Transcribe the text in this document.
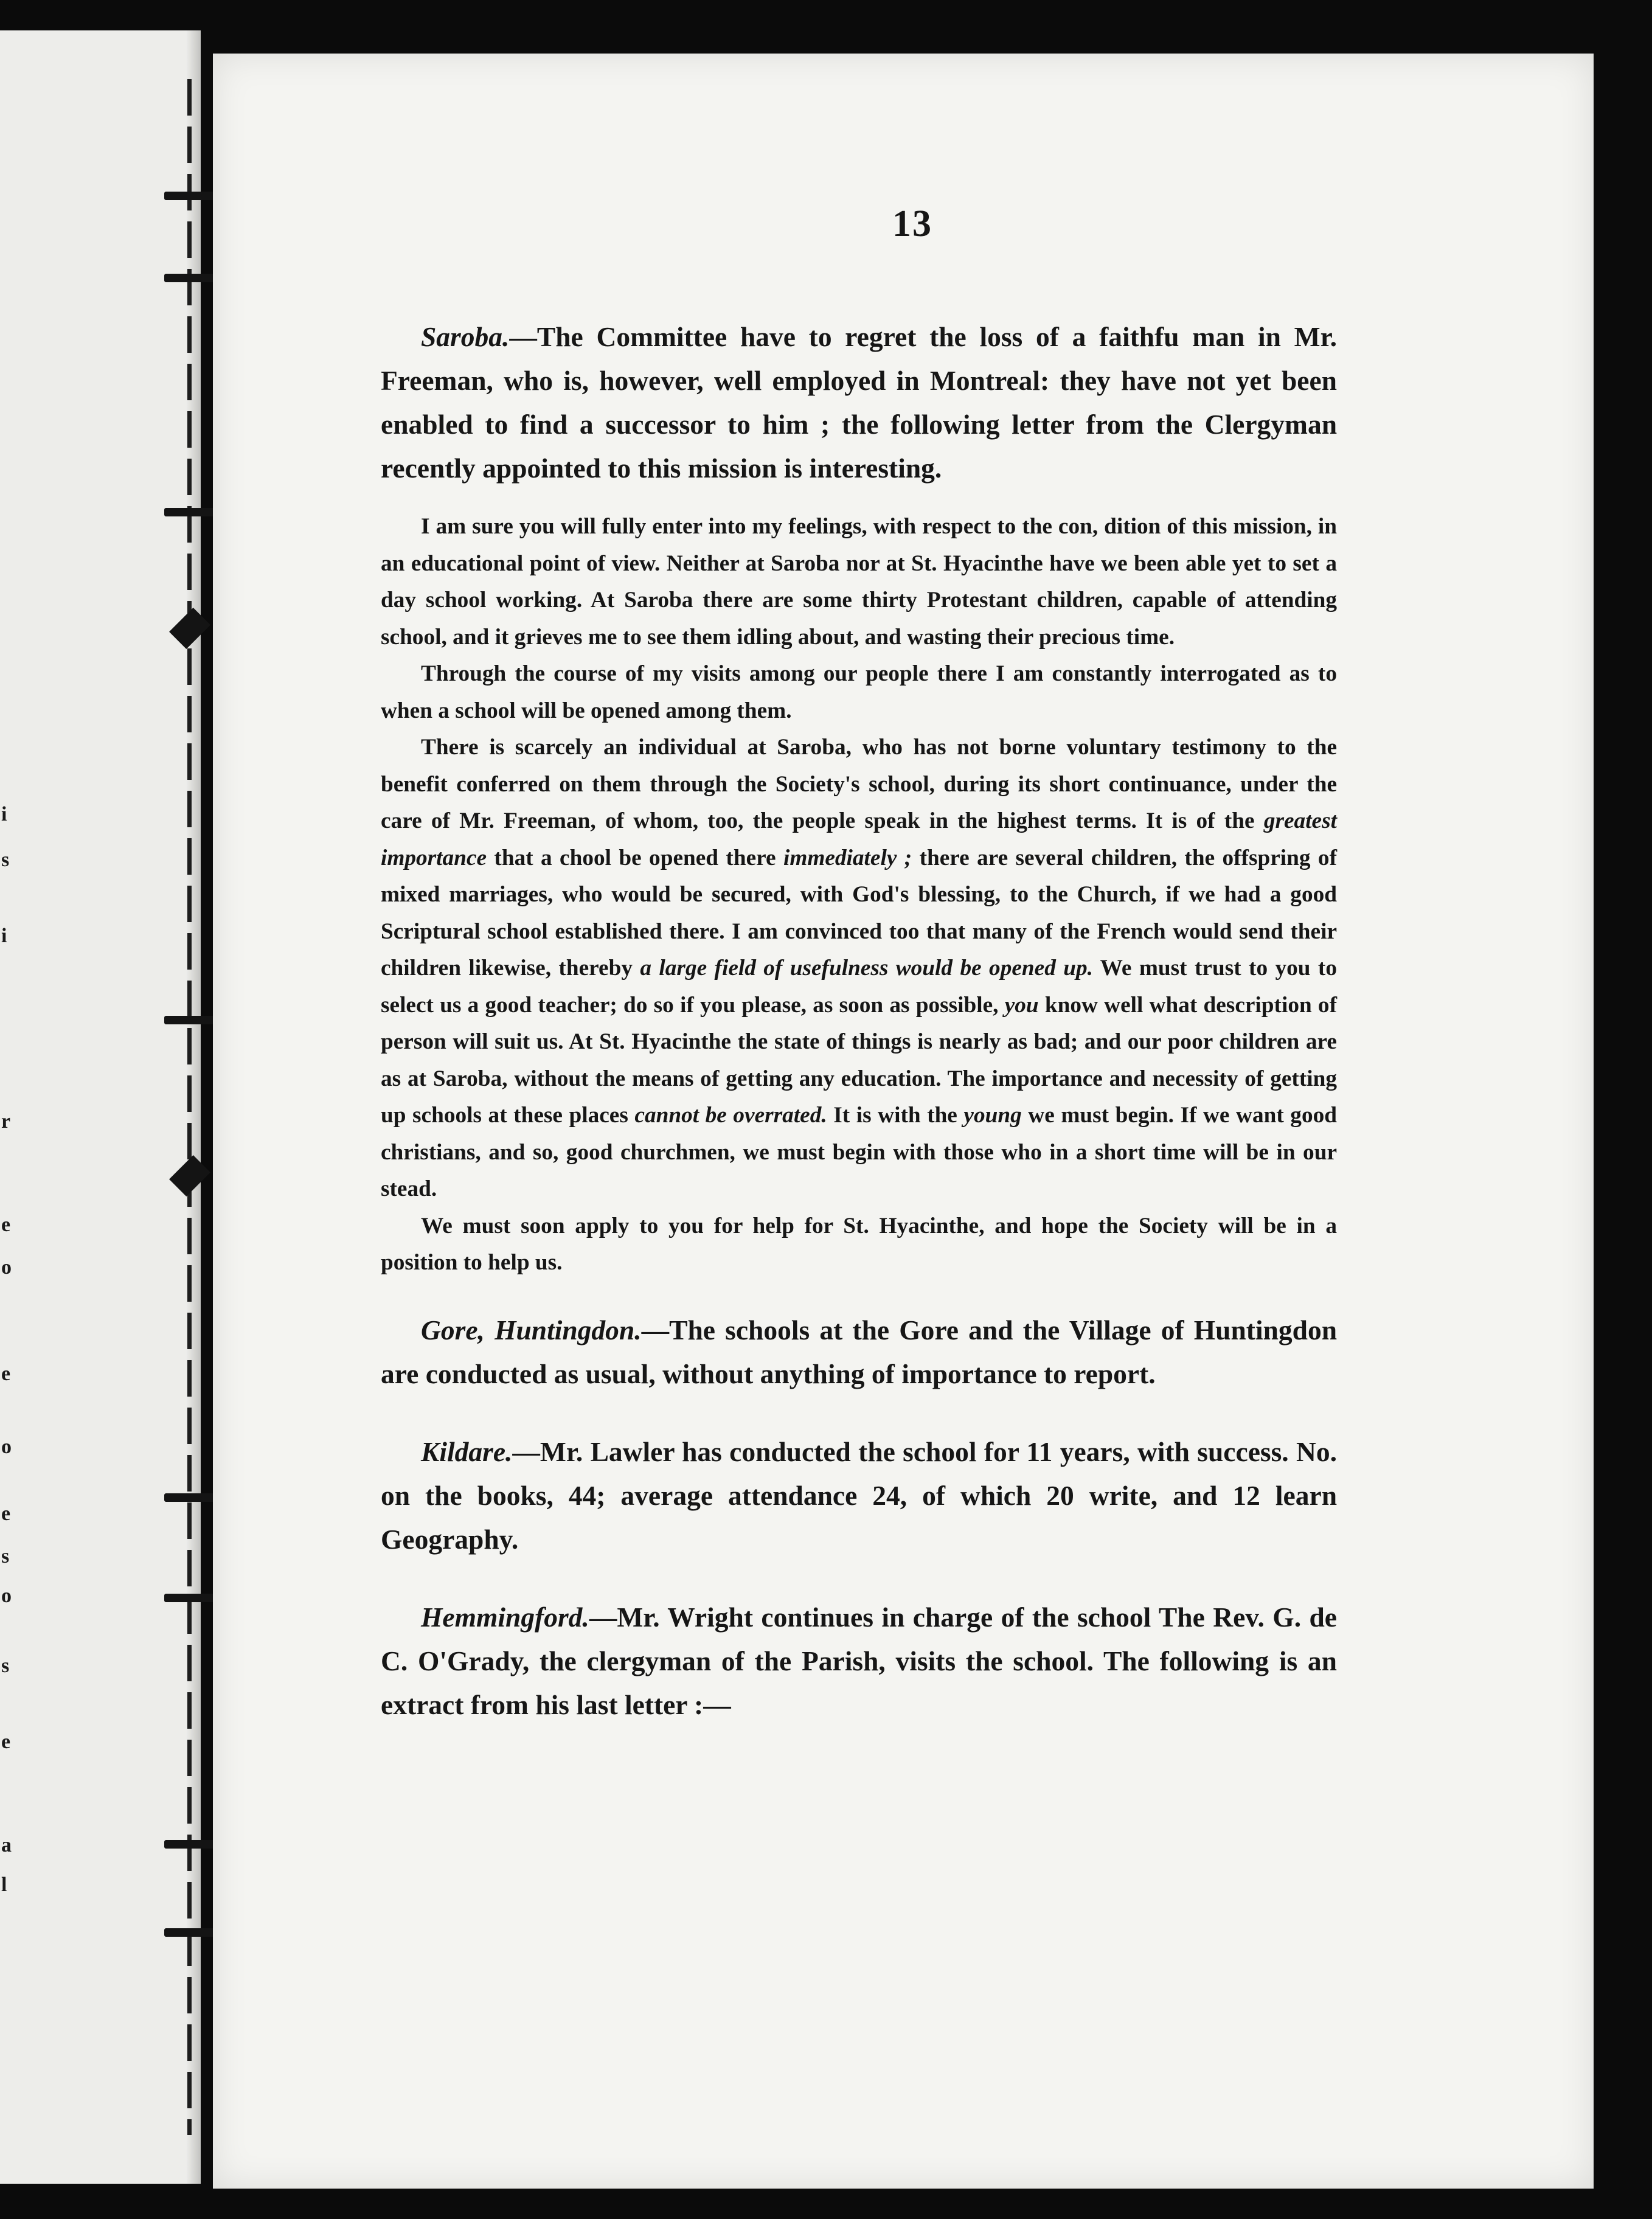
i
s
i
r
e
o
e
o
e
s
o
s
e
a
l
13

Saroba.—The Committee have to regret the loss of a faithfu man in Mr. Freeman, who is, however, well employed in Montreal: they have not yet been enabled to find a successor to him ; the following letter from the Clergyman recently appointed to this mission is interesting.

I am sure you will fully enter into my feelings, with respect to the con, dition of this mission, in an educational point of view. Neither at Saroba nor at St. Hyacinthe have we been able yet to set a day school working. At Saroba there are some thirty Protestant children, capable of attending school, and it grieves me to see them idling about, and wasting their precious time.

Through the course of my visits among our people there I am constantly interrogated as to when a school will be opened among them.

There is scarcely an individual at Saroba, who has not borne voluntary testimony to the benefit conferred on them through the Society's school, during its short continuance, under the care of Mr. Freeman, of whom, too, the people speak in the highest terms. It is of the greatest importance that a chool be opened there immediately ; there are several children, the offspring of mixed marriages, who would be secured, with God's blessing, to the Church, if we had a good Scriptural school established there. I am convinced too that many of the French would send their children likewise, thereby a large field of usefulness would be opened up. We must trust to you to select us a good teacher; do so if you please, as soon as possible, you know well what description of person will suit us. At St. Hyacinthe the state of things is nearly as bad; and our poor children are as at Saroba, without the means of getting any education. The importance and necessity of getting up schools at these places cannot be overrated. It is with the young we must begin. If we want good christians, and so, good churchmen, we must begin with those who in a short time will be in our stead.

We must soon apply to you for help for St. Hyacinthe, and hope the Society will be in a position to help us.

Gore, Huntingdon.—The schools at the Gore and the Village of Huntingdon are conducted as usual, without anything of importance to report.

Kildare.—Mr. Lawler has conducted the school for 11 years, with success. No. on the books, 44; average attendance 24, of which 20 write, and 12 learn Geography.

Hemmingford.—Mr. Wright continues in charge of the school The Rev. G. de C. O'Grady, the clergyman of the Parish, visits the school. The following is an extract from his last letter :—
